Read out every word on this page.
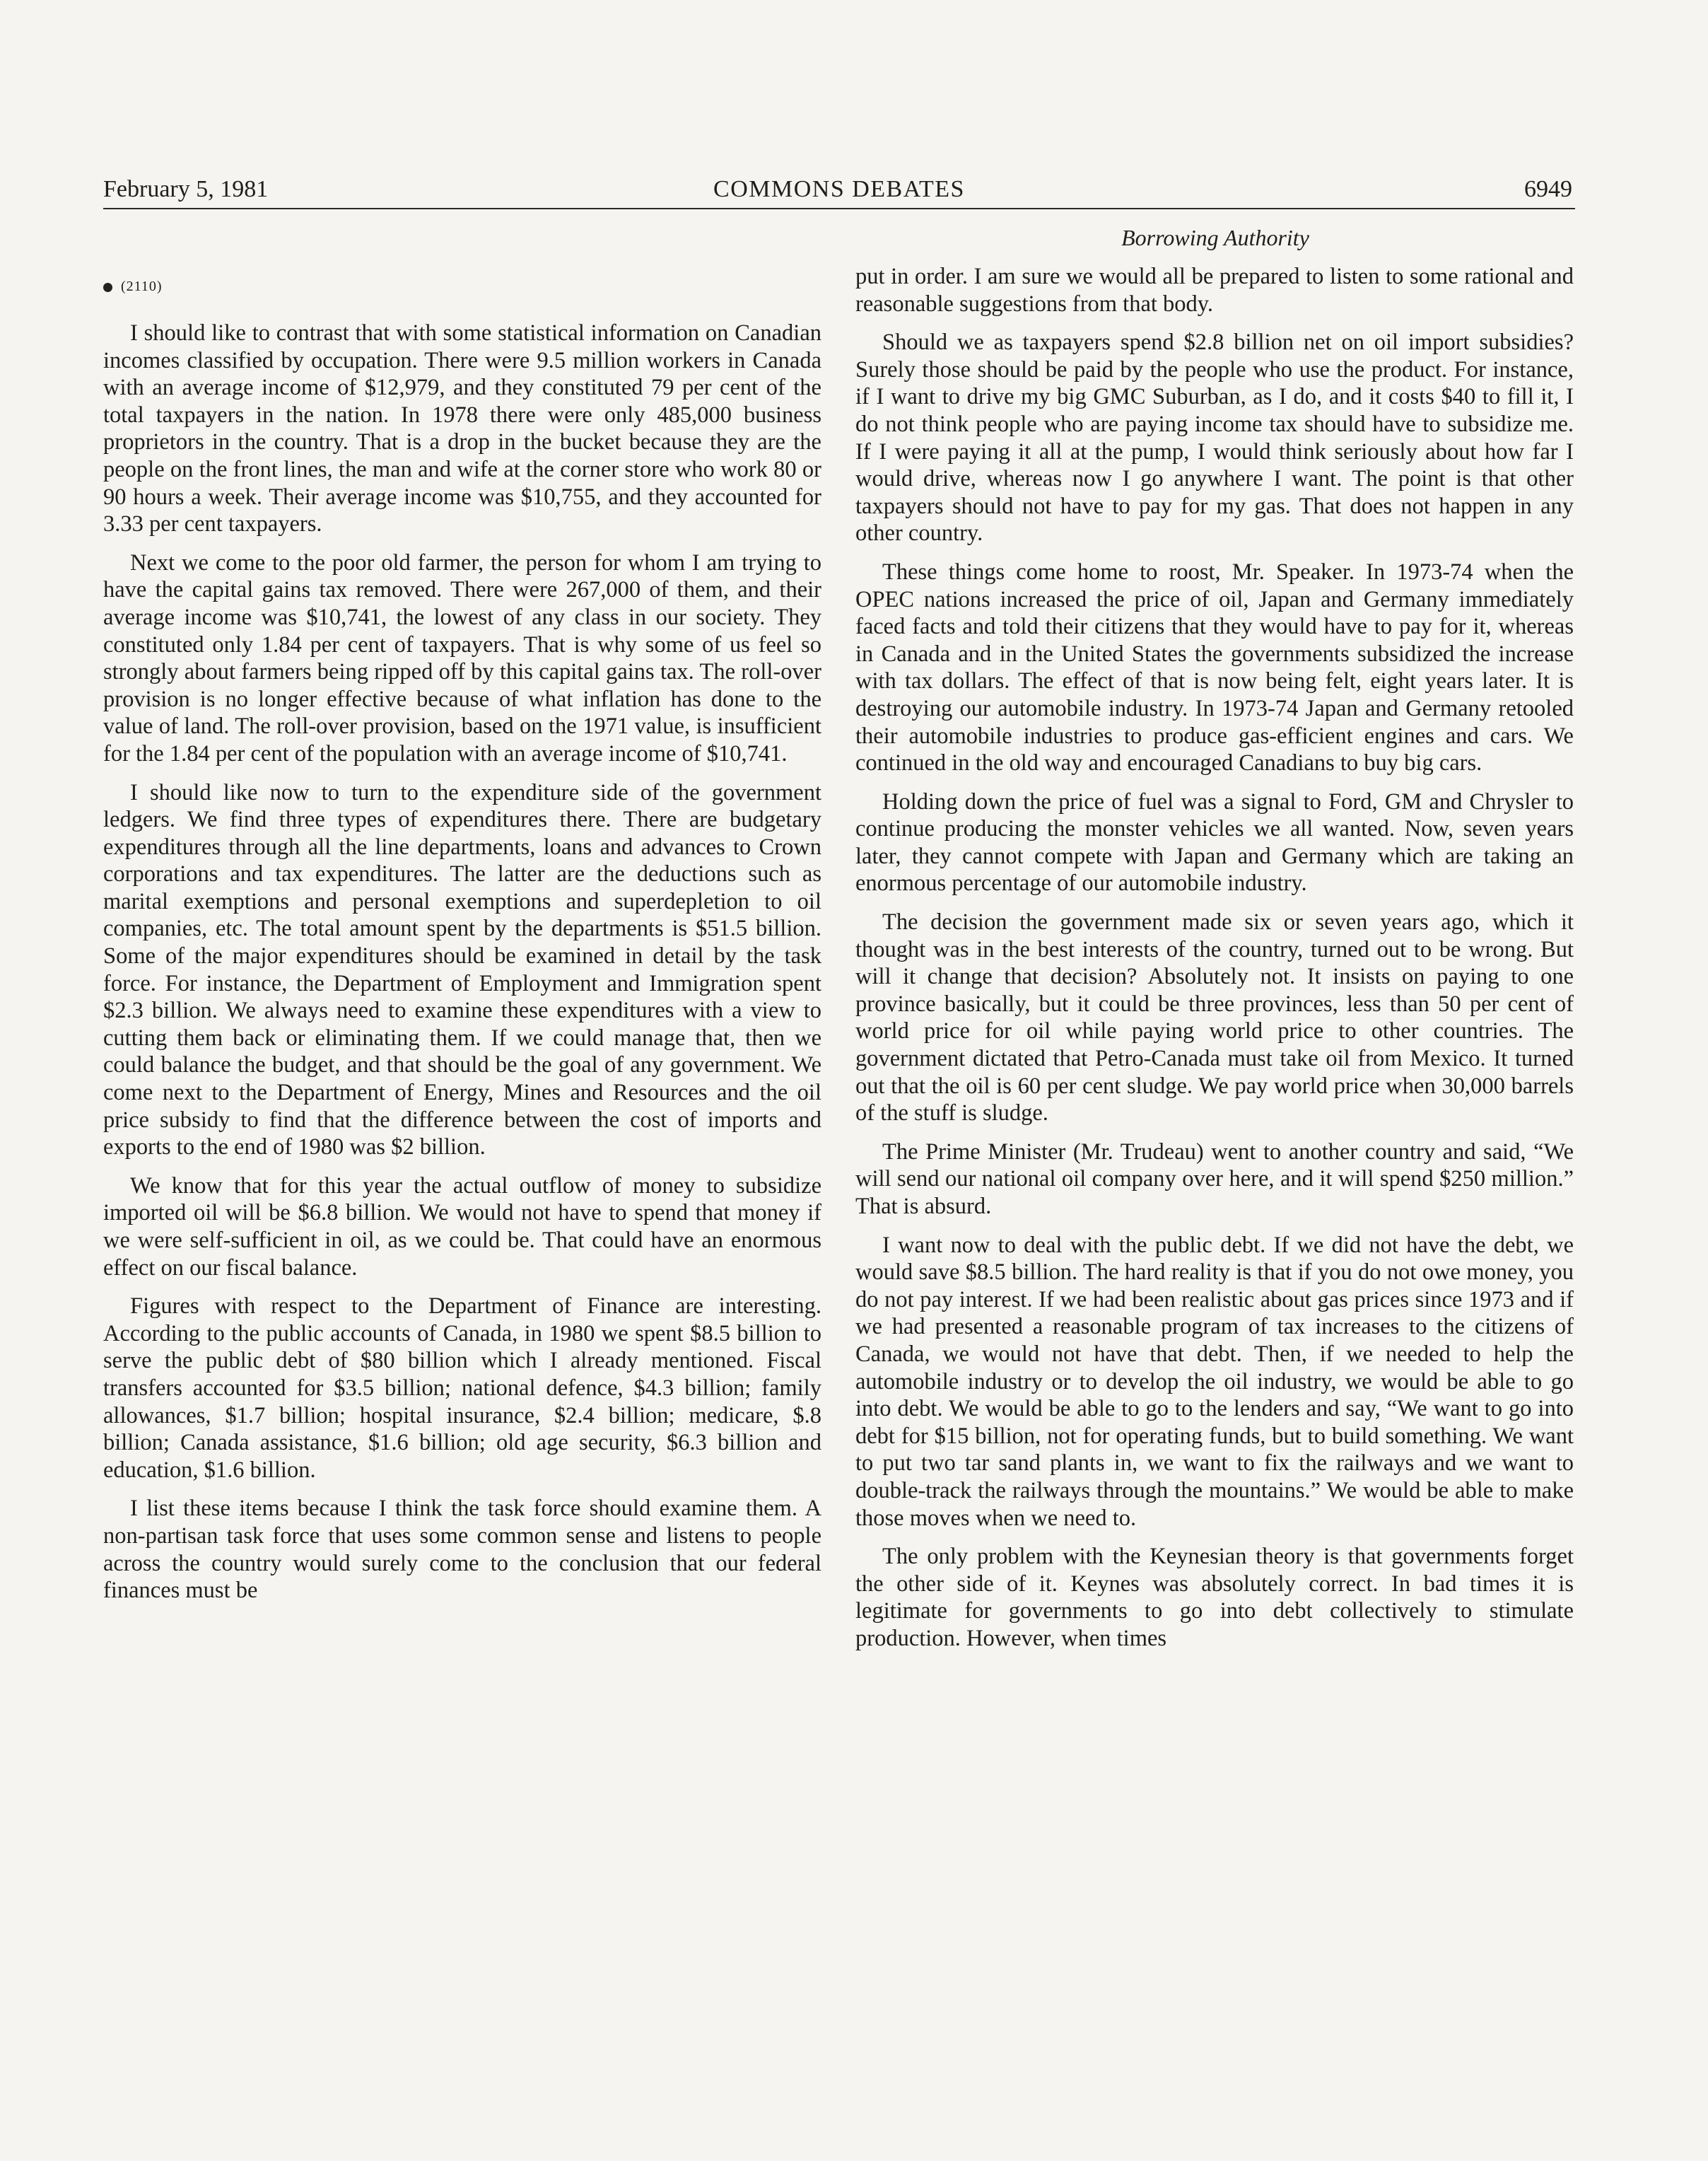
February 5, 1981	COMMONS DEBATES	6949
Borrowing Authority
(2110)

I should like to contrast that with some statistical information on Canadian incomes classified by occupation. There were 9.5 million workers in Canada with an average income of $12,979, and they constituted 79 per cent of the total taxpayers in the nation. In 1978 there were only 485,000 business proprietors in the country. That is a drop in the bucket because they are the people on the front lines, the man and wife at the corner store who work 80 or 90 hours a week. Their average income was $10,755, and they accounted for 3.33 per cent taxpayers.

Next we come to the poor old farmer, the person for whom I am trying to have the capital gains tax removed. There were 267,000 of them, and their average income was $10,741, the lowest of any class in our society. They constituted only 1.84 per cent of taxpayers. That is why some of us feel so strongly about farmers being ripped off by this capital gains tax. The roll-over provision is no longer effective because of what inflation has done to the value of land. The roll-over provision, based on the 1971 value, is insufficient for the 1.84 per cent of the population with an average income of $10,741.

I should like now to turn to the expenditure side of the government ledgers. We find three types of expenditures there. There are budgetary expenditures through all the line departments, loans and advances to Crown corporations and tax expenditures. The latter are the deductions such as marital exemptions and personal exemptions and superdepletion to oil companies, etc. The total amount spent by the departments is $51.5 billion. Some of the major expenditures should be examined in detail by the task force. For instance, the Department of Employment and Immigration spent $2.3 billion. We always need to examine these expenditures with a view to cutting them back or eliminating them. If we could manage that, then we could balance the budget, and that should be the goal of any government. We come next to the Department of Energy, Mines and Resources and the oil price subsidy to find that the difference between the cost of imports and exports to the end of 1980 was $2 billion.

We know that for this year the actual outflow of money to subsidize imported oil will be $6.8 billion. We would not have to spend that money if we were self-sufficient in oil, as we could be. That could have an enormous effect on our fiscal balance.

Figures with respect to the Department of Finance are interesting. According to the public accounts of Canada, in 1980 we spent $8.5 billion to serve the public debt of $80 billion which I already mentioned. Fiscal transfers accounted for $3.5 billion; national defence, $4.3 billion; family allowances, $1.7 billion; hospital insurance, $2.4 billion; medicare, $.8 billion; Canada assistance, $1.6 billion; old age security, $6.3 billion and education, $1.6 billion.

I list these items because I think the task force should examine them. A non-partisan task force that uses some common sense and listens to people across the country would surely come to the conclusion that our federal finances must be

put in order. I am sure we would all be prepared to listen to some rational and reasonable suggestions from that body.

Should we as taxpayers spend $2.8 billion net on oil import subsidies? Surely those should be paid by the people who use the product. For instance, if I want to drive my big GMC Suburban, as I do, and it costs $40 to fill it, I do not think people who are paying income tax should have to subsidize me. If I were paying it all at the pump, I would think seriously about how far I would drive, whereas now I go anywhere I want. The point is that other taxpayers should not have to pay for my gas. That does not happen in any other country.

These things come home to roost, Mr. Speaker. In 1973-74 when the OPEC nations increased the price of oil, Japan and Germany immediately faced facts and told their citizens that they would have to pay for it, whereas in Canada and in the United States the governments subsidized the increase with tax dollars. The effect of that is now being felt, eight years later. It is destroying our automobile industry. In 1973-74 Japan and Germany retooled their automobile industries to produce gas-efficient engines and cars. We continued in the old way and encouraged Canadians to buy big cars.

Holding down the price of fuel was a signal to Ford, GM and Chrysler to continue producing the monster vehicles we all wanted. Now, seven years later, they cannot compete with Japan and Germany which are taking an enormous percentage of our automobile industry.

The decision the government made six or seven years ago, which it thought was in the best interests of the country, turned out to be wrong. But will it change that decision? Absolutely not. It insists on paying to one province basically, but it could be three provinces, less than 50 per cent of world price for oil while paying world price to other countries. The government dictated that Petro-Canada must take oil from Mexico. It turned out that the oil is 60 per cent sludge. We pay world price when 30,000 barrels of the stuff is sludge.

The Prime Minister (Mr. Trudeau) went to another country and said, “We will send our national oil company over here, and it will spend $250 million.” That is absurd.

I want now to deal with the public debt. If we did not have the debt, we would save $8.5 billion. The hard reality is that if you do not owe money, you do not pay interest. If we had been realistic about gas prices since 1973 and if we had presented a reasonable program of tax increases to the citizens of Canada, we would not have that debt. Then, if we needed to help the automobile industry or to develop the oil industry, we would be able to go into debt. We would be able to go to the lenders and say, “We want to go into debt for $15 billion, not for operating funds, but to build something. We want to put two tar sand plants in, we want to fix the railways and we want to double-track the railways through the mountains.” We would be able to make those moves when we need to.

The only problem with the Keynesian theory is that governments forget the other side of it. Keynes was absolutely correct. In bad times it is legitimate for governments to go into debt collectively to stimulate production. However, when times
